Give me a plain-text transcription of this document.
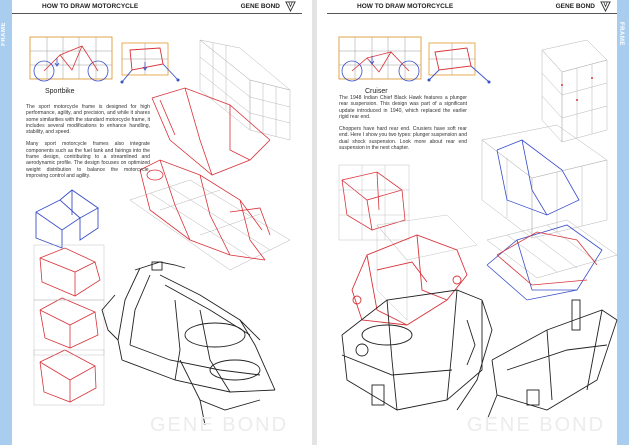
FRAME
HOW TO DRAW MOTORCYCLE	GENE BOND
Sportbike

The sport motorcycle frame is designed for high performance, agility, and precision, and while it shares some similarities with the standard motorcycle frame, it includes several modifications to enhance handling, stability, and speed.

Many sport motorcycle frames also integrate components such as the fuel tank and fairings into the frame design, contributing to a streamlined and aerodynamic profile. The design focuses on optimized weight distribution to balance the motorcycle, improving control and agility.

GENE BOND
FRAME
HOW TO DRAW MOTORCYCLE	GENE BOND
Cruiser

The 1948 Indian Chief Black Hawk features a plunger rear suspension. This design was part of a significant update introduced in 1940, which replaced the earlier rigid rear end.

Choppers have hard rear end. Crusiers have soft rear end. Here I show you two types: plunger suspension and dual shock suspension. Look more about rear end suspension in the next chapter.

GENE BOND
